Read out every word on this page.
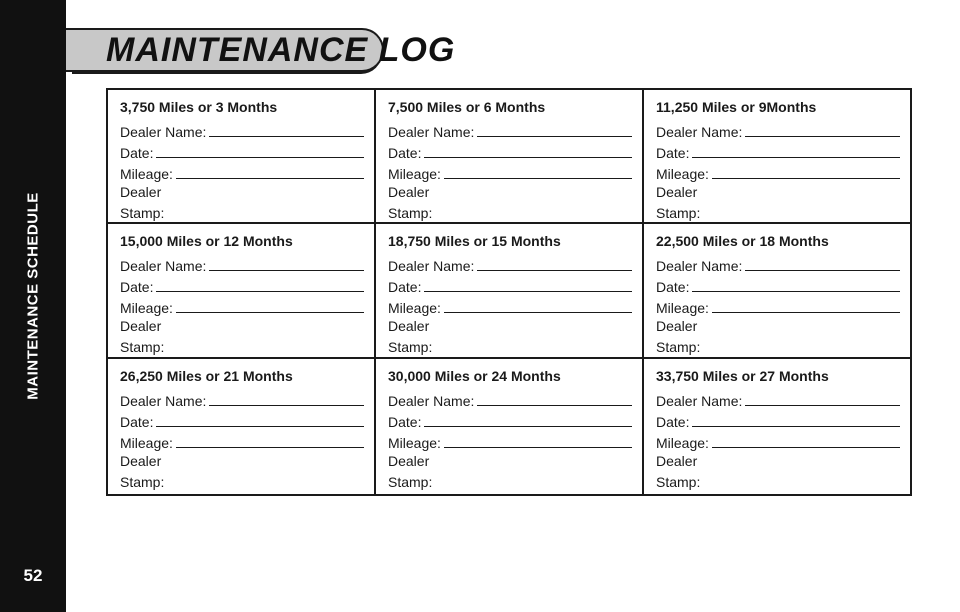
MAINTENANCE SCHEDULE
52
MAINTENANCE LOG
3,750 Miles or 3 Months
Dealer Name:
Date:
Mileage:
Dealer
Stamp:
7,500 Miles or 6 Months
Dealer Name:
Date:
Mileage:
Dealer
Stamp:
11,250 Miles or 9Months
Dealer Name:
Date:
Mileage:
Dealer
Stamp:
15,000 Miles or 12 Months
Dealer Name:
Date:
Mileage:
Dealer
Stamp:
18,750 Miles or 15 Months
Dealer Name:
Date:
Mileage:
Dealer
Stamp:
22,500 Miles or 18 Months
Dealer Name:
Date:
Mileage:
Dealer
Stamp:
26,250 Miles or 21 Months
Dealer Name:
Date:
Mileage:
Dealer
Stamp:
30,000 Miles or 24 Months
Dealer Name:
Date:
Mileage:
Dealer
Stamp:
33,750 Miles or 27 Months
Dealer Name:
Date:
Mileage:
Dealer
Stamp:
